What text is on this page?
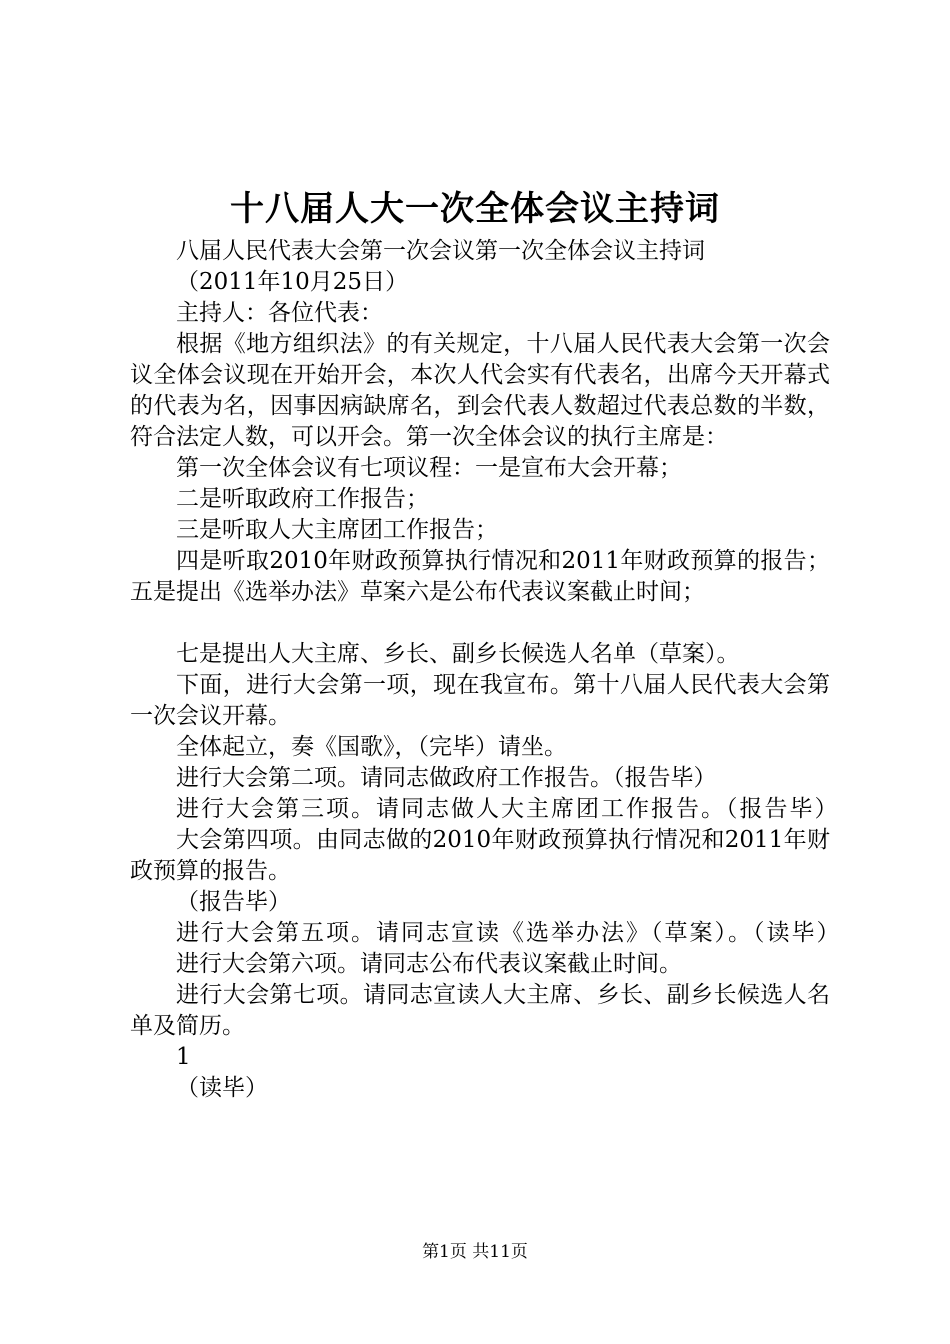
十八届人大一次全体会议主持词

八届人民代表大会第一次会议第一次全体会议主持词

（2011年10月25日）

主持人：各位代表：

根据《地方组织法》的有关规定，十八届人民代表大会第一次会议全体会议现在开始开会，本次人代会实有代表名，出席今天开幕式的代表为名，因事因病缺席名，到会代表人数超过代表总数的半数，符合法定人数，可以开会。第一次全体会议的执行主席是：

第一次全体会议有七项议程：一是宣布大会开幕；

二是听取政府工作报告；

三是听取人大主席团工作报告；

四是听取2010年财政预算执行情况和2011年财政预算的报告；五是提出《选举办法》草案六是公布代表议案截止时间；

七是提出人大主席、乡长、副乡长候选人名单（草案）。

下面，进行大会第一项，现在我宣布。第十八届人民代表大会第一次会议开幕。

全体起立，奏《国歌》，（完毕）请坐。

进行大会第二项。请同志做政府工作报告。（报告毕）

进行大会第三项。请同志做人大主席团工作报告。（报告毕）

大会第四项。由同志做的2010年财政预算执行情况和2011年财政预算的报告。

（报告毕）

进行大会第五项。请同志宣读《选举办法》（草案）。（读毕）

进行大会第六项。请同志公布代表议案截止时间。

进行大会第七项。请同志宣读人大主席、乡长、副乡长候选人名单及简历。

1

（读毕）

第1页 共11页
